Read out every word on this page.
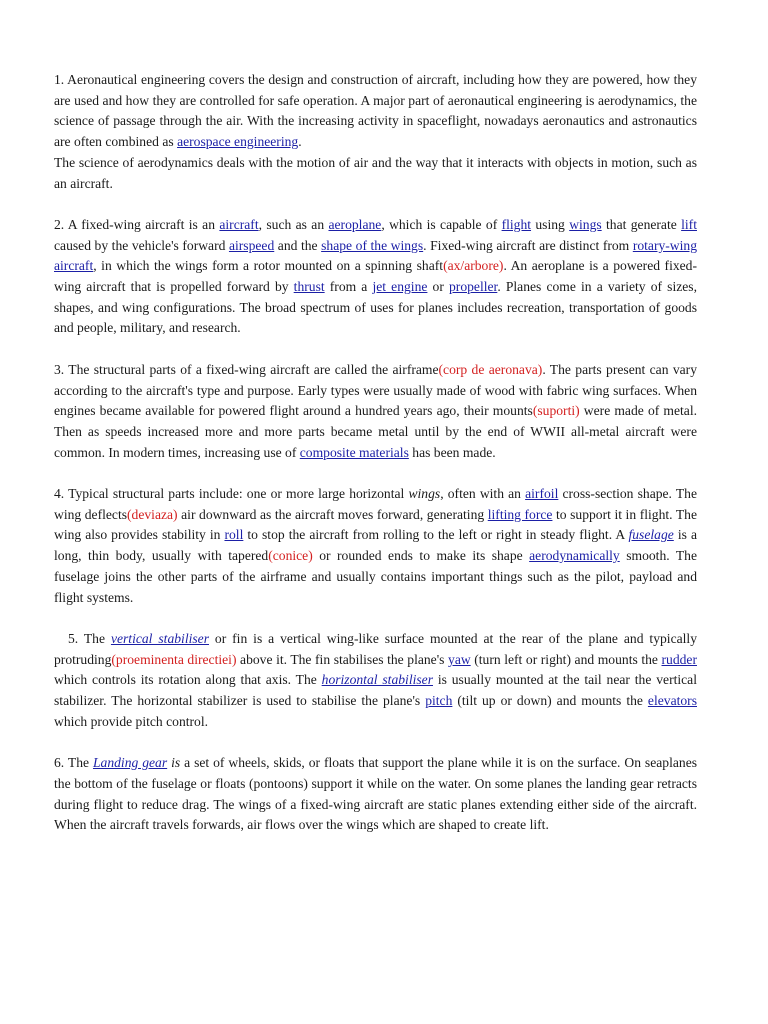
1. Aeronautical engineering covers the design and construction of aircraft, including how they are powered, how they are used and how they are controlled for safe operation. A major part of aeronautical engineering is aerodynamics, the science of passage through the air. With the increasing activity in spaceflight, nowadays aeronautics and astronautics are often combined as aerospace engineering.

The science of aerodynamics deals with the motion of air and the way that it interacts with objects in motion, such as an aircraft.

2. A fixed-wing aircraft is an aircraft, such as an aeroplane, which is capable of flight using wings that generate lift caused by the vehicle's forward airspeed and the shape of the wings. Fixed-wing aircraft are distinct from rotary-wing aircraft, in which the wings form a rotor mounted on a spinning shaft(ax/arbore). An aeroplane is a powered fixed-wing aircraft that is propelled forward by thrust from a jet engine or propeller. Planes come in a variety of sizes, shapes, and wing configurations. The broad spectrum of uses for planes includes recreation, transportation of goods and people, military, and research.

3. The structural parts of a fixed-wing aircraft are called the airframe(corp de aeronava). The parts present can vary according to the aircraft's type and purpose. Early types were usually made of wood with fabric wing surfaces. When engines became available for powered flight around a hundred years ago, their mounts(suporti) were made of metal. Then as speeds increased more and more parts became metal until by the end of WWII all-metal aircraft were common. In modern times, increasing use of composite materials has been made.

4. Typical structural parts include: one or more large horizontal wings, often with an airfoil cross-section shape. The wing deflects(deviaza) air downward as the aircraft moves forward, generating lifting force to support it in flight. The wing also provides stability in roll to stop the aircraft from rolling to the left or right in steady flight. A fuselage is a long, thin body, usually with tapered(conice) or rounded ends to make its shape aerodynamically smooth. The fuselage joins the other parts of the airframe and usually contains important things such as the pilot, payload and flight systems.

5. The vertical stabiliser or fin is a vertical wing-like surface mounted at the rear of the plane and typically protruding(proeminenta directiei) above it. The fin stabilises the plane's yaw (turn left or right) and mounts the rudder which controls its rotation along that axis. The horizontal stabiliser is usually mounted at the tail near the vertical stabilizer. The horizontal stabilizer is used to stabilise the plane's pitch (tilt up or down) and mounts the elevators which provide pitch control.

6. The Landing gear is a set of wheels, skids, or floats that support the plane while it is on the surface. On seaplanes the bottom of the fuselage or floats (pontoons) support it while on the water. On some planes the landing gear retracts during flight to reduce drag. The wings of a fixed-wing aircraft are static planes extending either side of the aircraft. When the aircraft travels forwards, air flows over the wings which are shaped to create lift.
